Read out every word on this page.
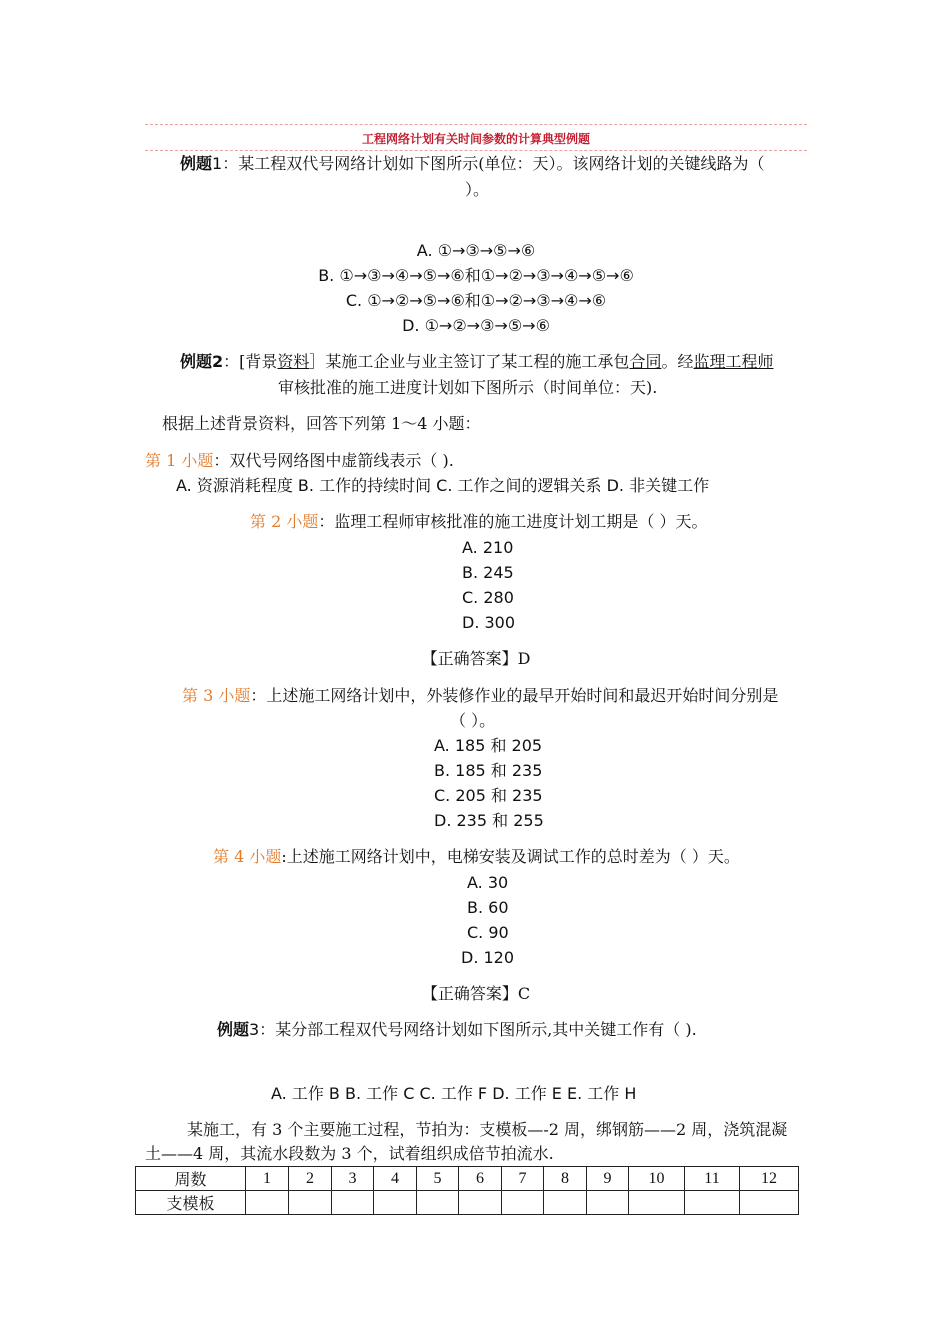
工程网络计划有关时间参数的计算典型例题
例题1：某工程双代号网络计划如下图所示(单位：天）。该网络计划的关键线路为（
）。
A. ①→③→⑤→⑥
B. ①→③→④→⑤→⑥和①→②→③→④→⑤→⑥
C. ①→②→⑤→⑥和①→②→③→④→⑥
D. ①→②→③→⑤→⑥
例题2：[背景资料］某施工企业与业主签订了某工程的施工承包合同。经监理工程师
审核批准的施工进度计划如下图所示（时间单位：天).
根据上述背景资料，回答下列第 1～4 小题：
第 1 小题：双代号网络图中虚箭线表示（ ).
A. 资源消耗程度 B. 工作的持续时间 C. 工作之间的逻辑关系 D. 非关键工作
第 2 小题：监理工程师审核批准的施工进度计划工期是（ ）天。
A. 210
B. 245
C. 280
D. 300
【正确答案】D
第 3 小题：上述施工网络计划中，外装修作业的最早开始时间和最迟开始时间分别是
（ ）。
A. 185 和 205
B. 185 和 235
C. 205 和 235
D. 235 和 255
第 4 小题:上述施工网络计划中，电梯安装及调试工作的总时差为（ ）天。
A. 30
B. 60
C. 90
D. 120
【正确答案】C
例题3：某分部工程双代号网络计划如下图所示,其中关键工作有（ ).
A. 工作 B B. 工作 C C. 工作 F D. 工作 E E. 工作 H
某施工，有 3 个主要施工过程，节拍为：支模板—-2 周，绑钢筋——2 周，浇筑混凝
土——4 周，其流水段数为 3 个，试着组织成倍节拍流水.
周数	1	2	3	4	5	6	7	8	9	10	11	12
支模板												
